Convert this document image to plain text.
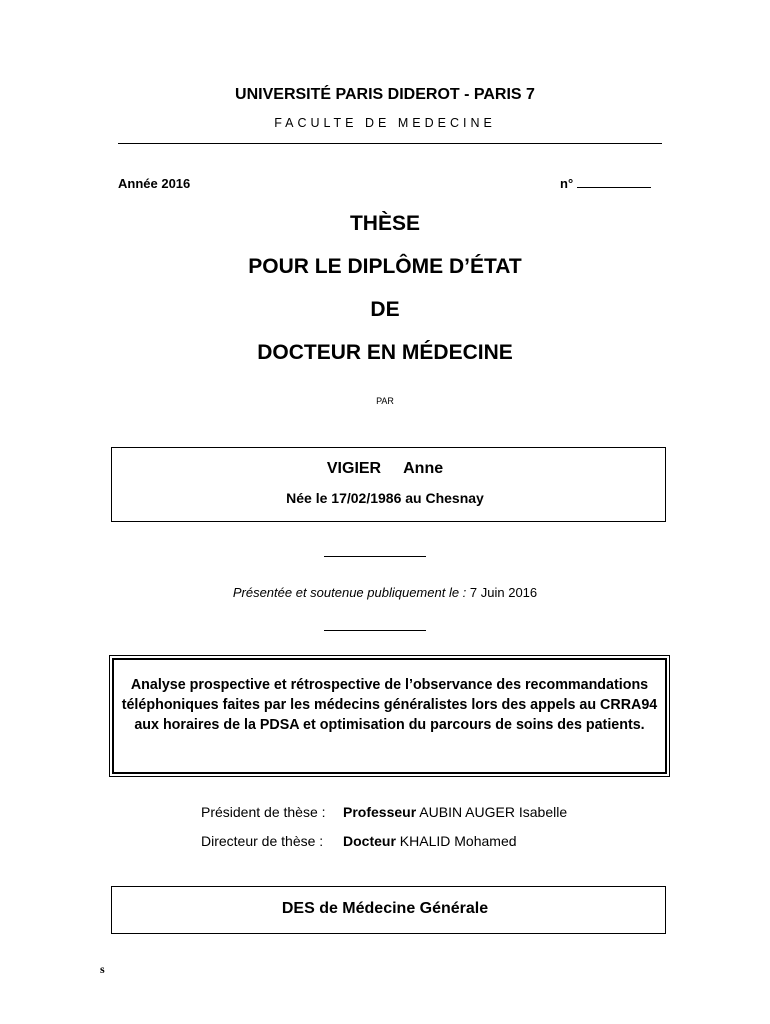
UNIVERSITÉ PARIS DIDEROT - PARIS 7
FACULTE DE MEDECINE
Année 2016	n°
THÈSE
POUR LE DIPLÔME D’ÉTAT
DE
DOCTEUR EN MÉDECINE
PAR
VIGIER Anne
Née le 17/02/1986 au Chesnay
Présentée et soutenue publiquement le : 7 Juin 2016
Analyse prospective et rétrospective de l’observance des recommandations téléphoniques faites par les médecins généralistes lors des appels au CRRA94 aux horaires de la PDSA et optimisation du parcours de soins des patients.
Président de thèse : Professeur AUBIN AUGER Isabelle
Directeur de thèse : Docteur KHALID Mohamed
DES de Médecine Générale
s
